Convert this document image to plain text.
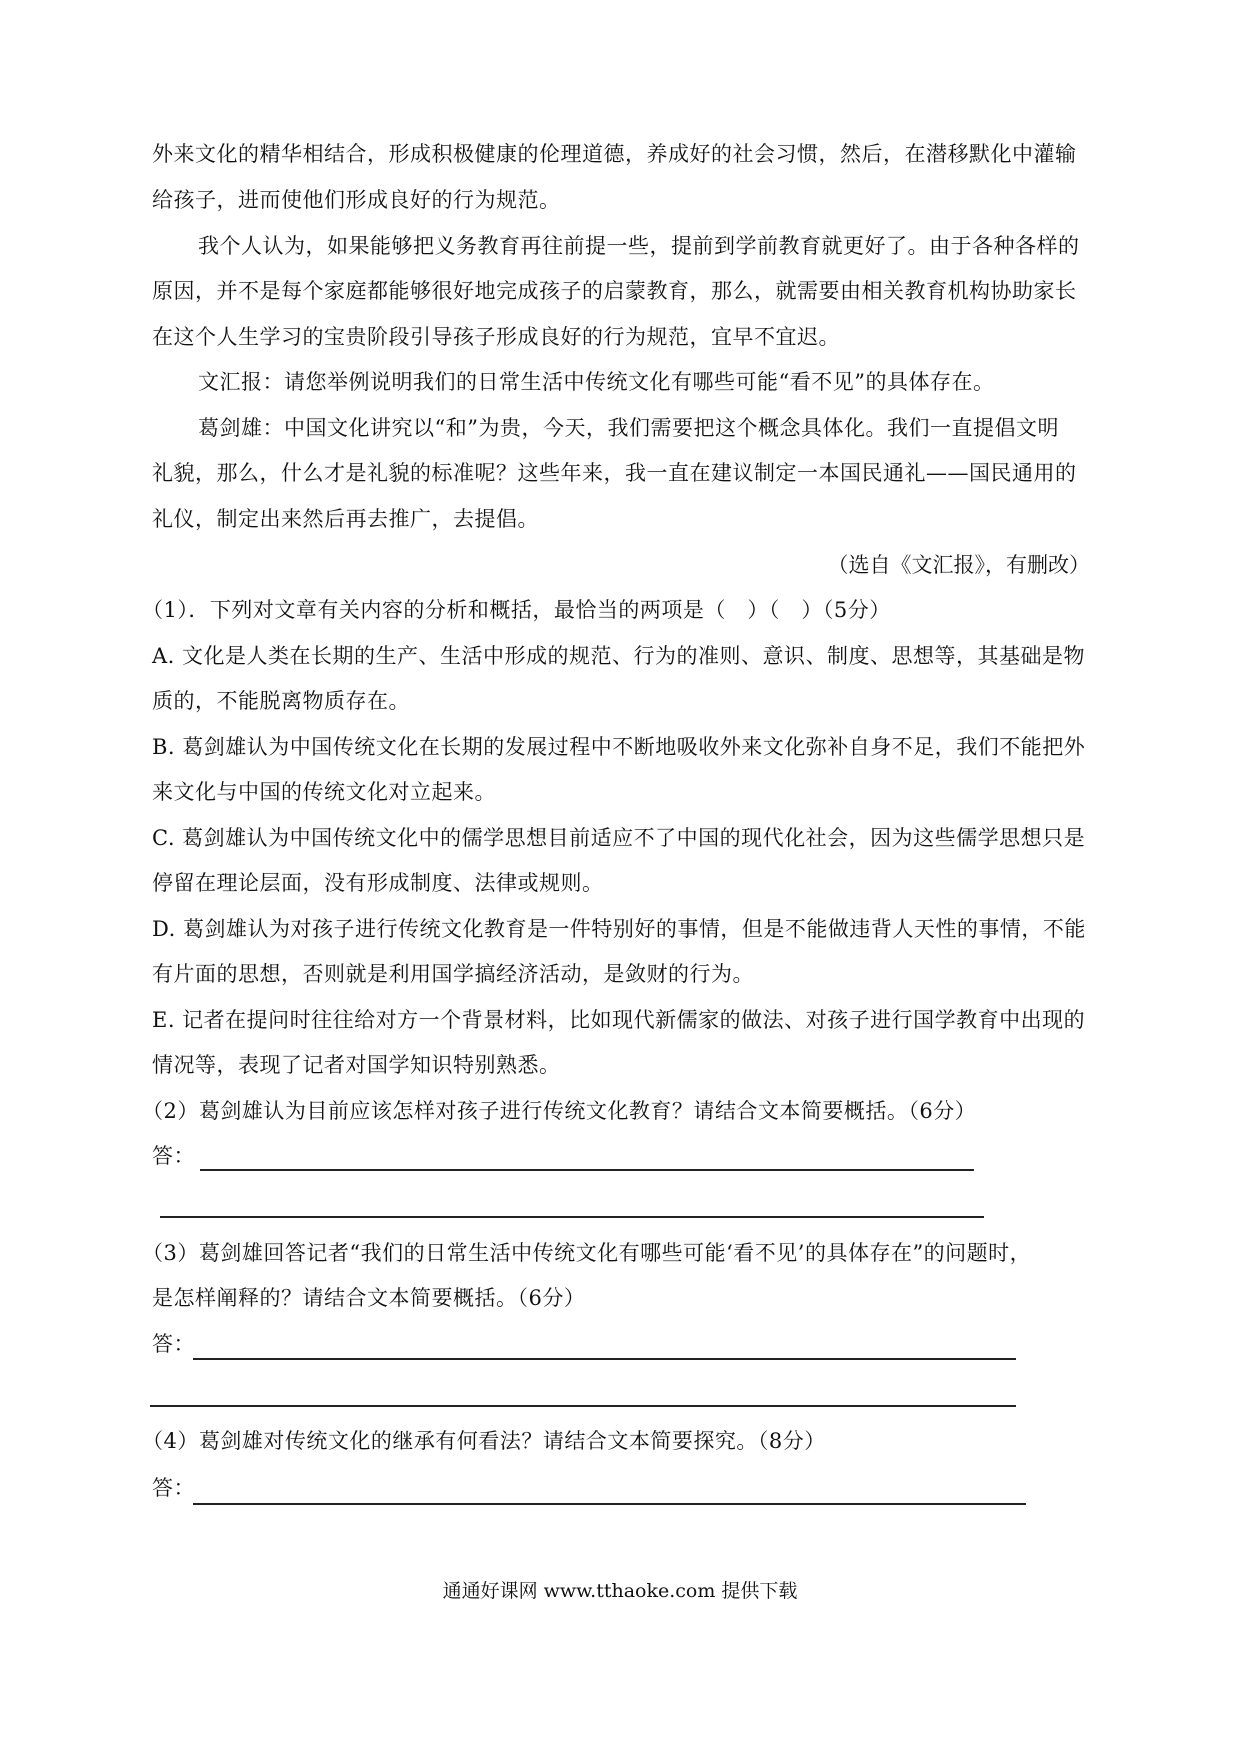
外来文化的精华相结合，形成积极健康的伦理道德，养成好的社会习惯，然后，在潜移默化中灌输
给孩子，进而使他们形成良好的行为规范。
我个人认为，如果能够把义务教育再往前提一些，提前到学前教育就更好了。由于各种各样的
原因，并不是每个家庭都能够很好地完成孩子的启蒙教育，那么，就需要由相关教育机构协助家长
在这个人生学习的宝贵阶段引导孩子形成良好的行为规范，宜早不宜迟。
文汇报：请您举例说明我们的日常生活中传统文化有哪些可能“看不见”的具体存在。
葛剑雄：中国文化讲究以“和”为贵，今天，我们需要把这个概念具体化。我们一直提倡文明
礼貌，那么，什么才是礼貌的标准呢？这些年来，我一直在建议制定一本国民通礼——国民通用的
礼仪，制定出来然后再去推广，去提倡。
（选自《文汇报》，有删改）
（1）．下列对文章有关内容的分析和概括，最恰当的两项是（　）（　）（5分）
A. 文化是人类在长期的生产、生活中形成的规范、行为的准则、意识、制度、思想等，其基础是物
质的，不能脱离物质存在。
B. 葛剑雄认为中国传统文化在长期的发展过程中不断地吸收外来文化弥补自身不足，我们不能把外
来文化与中国的传统文化对立起来。
C. 葛剑雄认为中国传统文化中的儒学思想目前适应不了中国的现代化社会，因为这些儒学思想只是
停留在理论层面，没有形成制度、法律或规则。
D. 葛剑雄认为对孩子进行传统文化教育是一件特别好的事情，但是不能做违背人天性的事情，不能
有片面的思想，否则就是利用国学搞经济活动，是敛财的行为。
E. 记者在提问时往往给对方一个背景材料，比如现代新儒家的做法、对孩子进行国学教育中出现的
情况等，表现了记者对国学知识特别熟悉。
（2）葛剑雄认为目前应该怎样对孩子进行传统文化教育？请结合文本简要概括。（6分）
答：
（3）葛剑雄回答记者“我们的日常生活中传统文化有哪些可能‘看不见’的具体存在”的问题时，
是怎样阐释的？请结合文本简要概括。（6分）
答：
（4）葛剑雄对传统文化的继承有何看法？请结合文本简要探究。（8分）
答：
通通好课网 www.tthaoke.com 提供下载
